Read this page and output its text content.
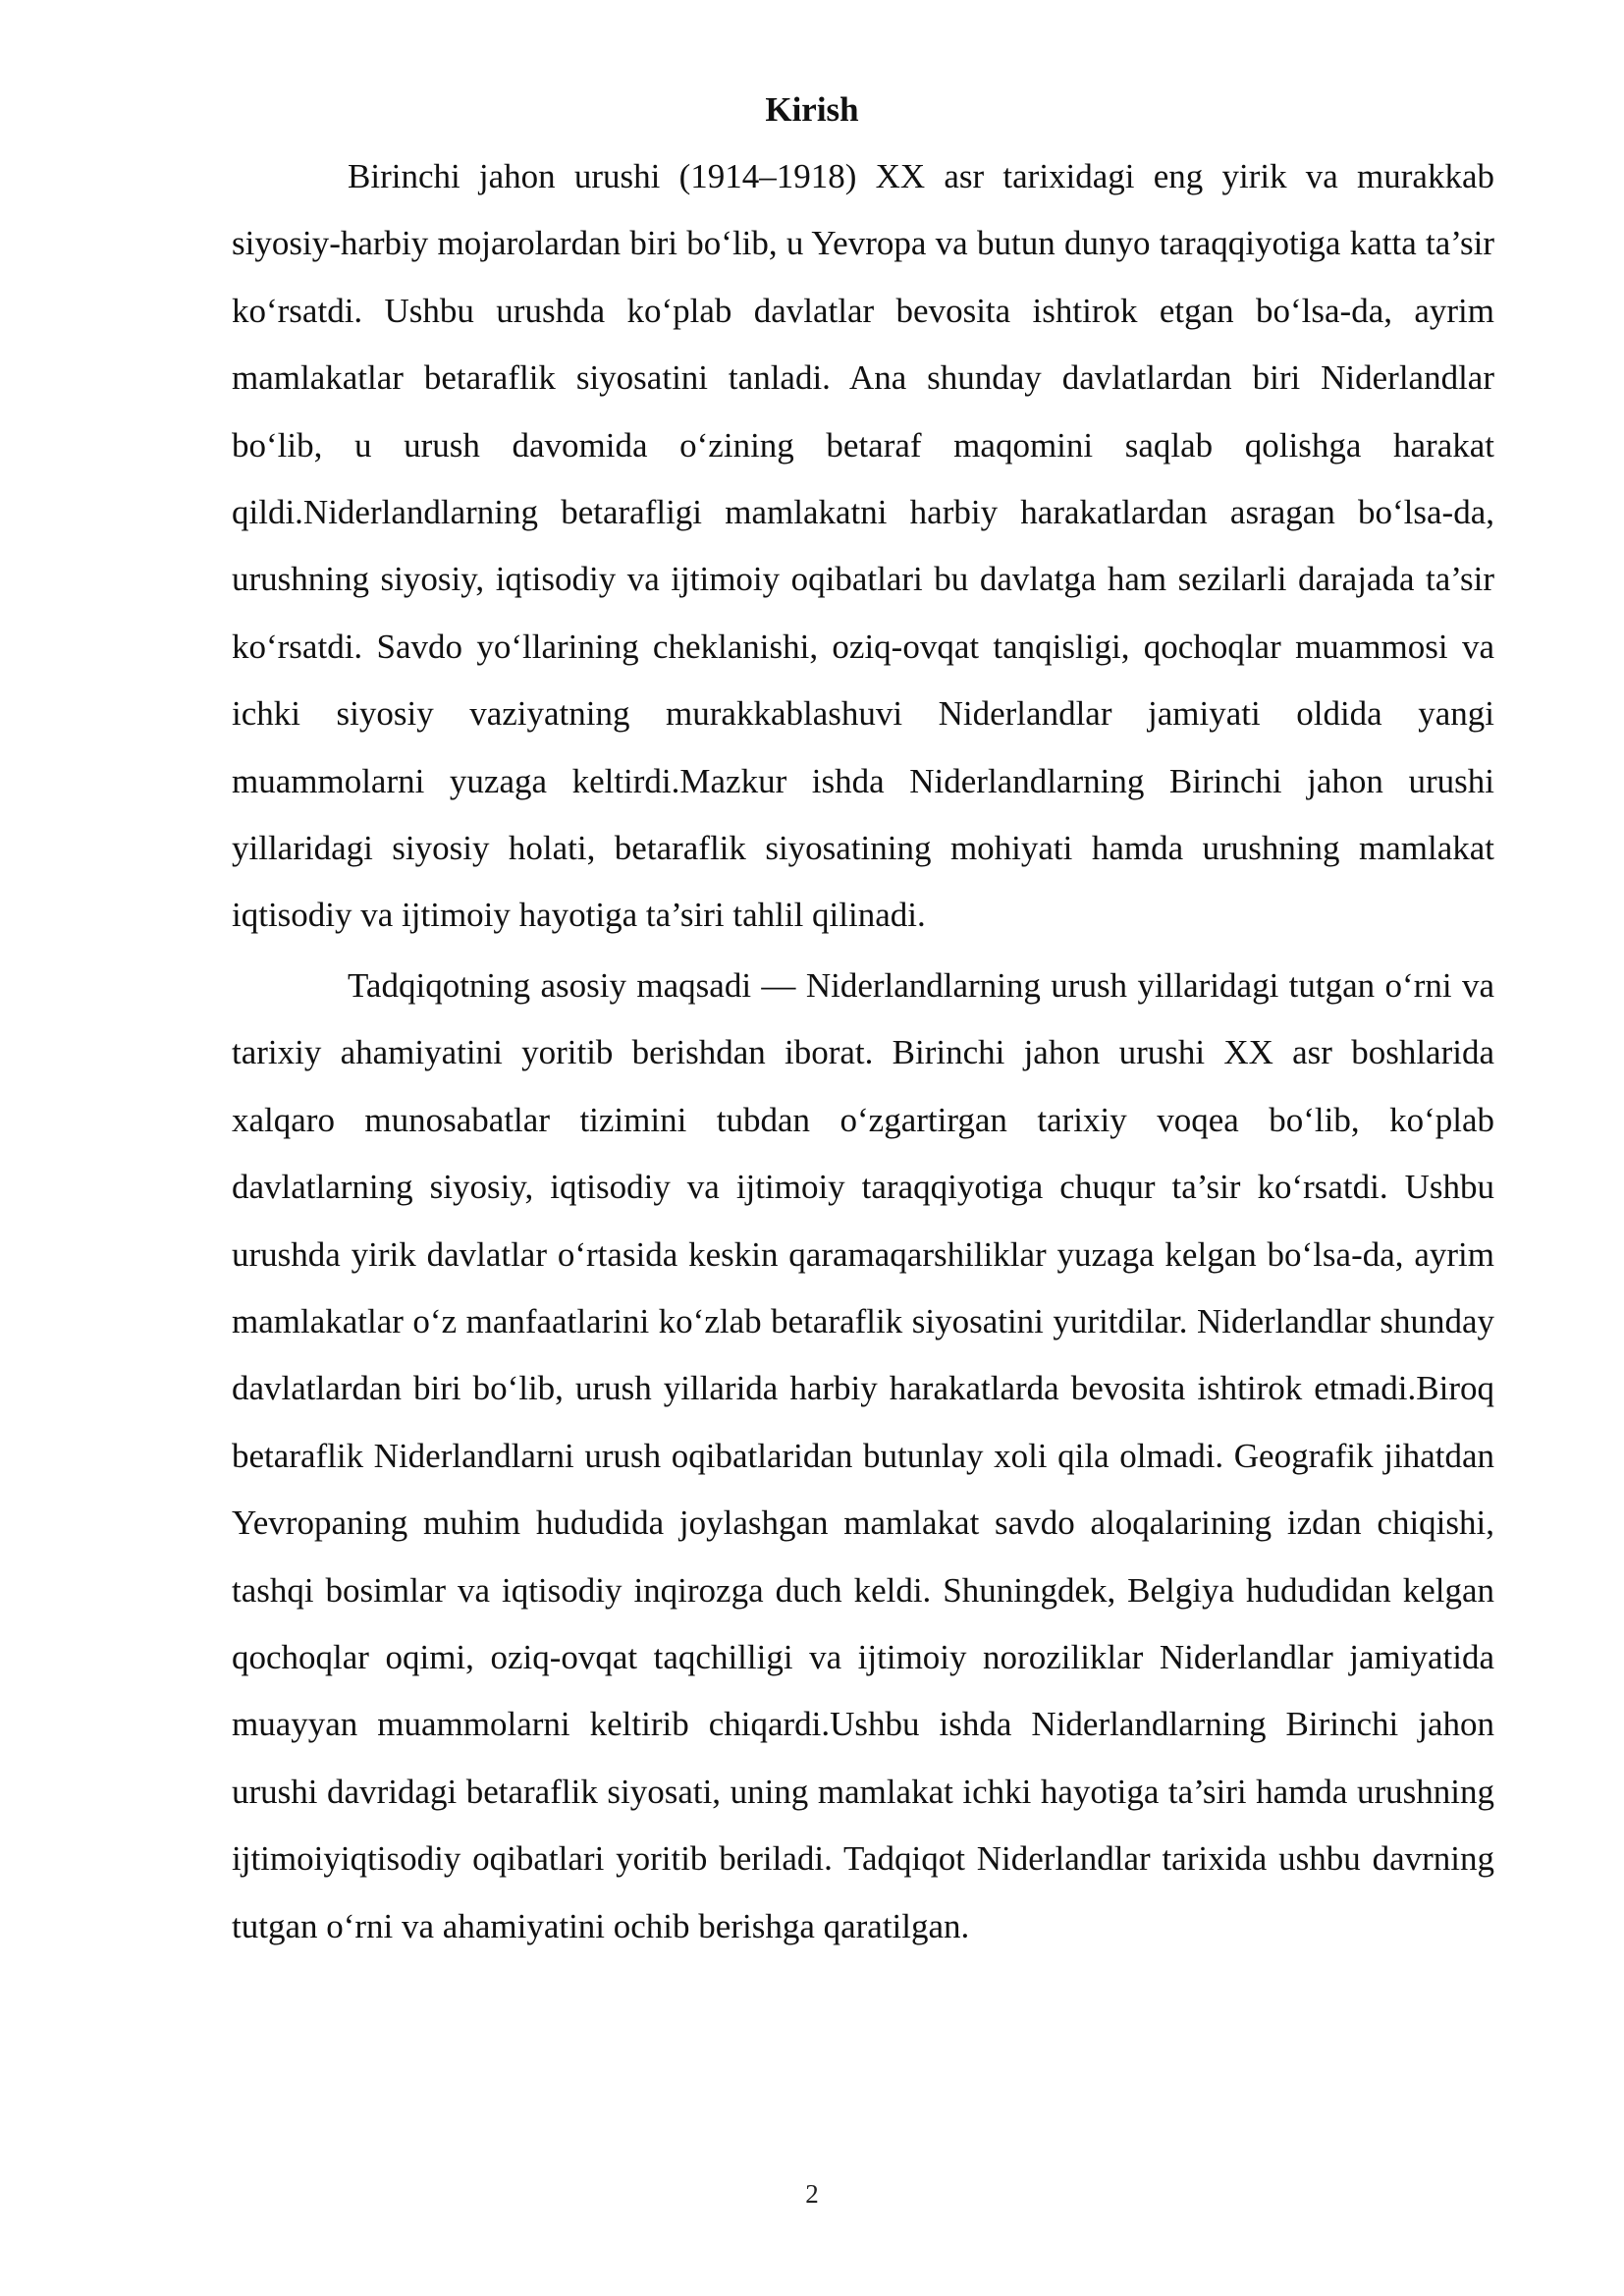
Kirish

Birinchi jahon urushi (1914–1918) XX asr tarixidagi eng yirik va murakkab siyosiy-harbiy mojarolardan biri bo‘lib, u Yevropa va butun dunyo taraqqiyotiga katta ta’sir ko‘rsatdi. Ushbu urushda ko‘plab davlatlar bevosita ishtirok etgan bo‘lsa-da, ayrim mamlakatlar betaraflik siyosatini tanladi. Ana shunday davlatlardan biri Niderlandlar bo‘lib, u urush davomida o‘zining betaraf maqomini saqlab qolishga harakat qildi.Niderlandlarning betarafligi mamlakatni harbiy harakatlardan asragan bo‘lsa-da, urushning siyosiy, iqtisodiy va ijtimoiy oqibatlari bu davlatga ham sezilarli darajada ta’sir ko‘rsatdi. Savdo yo‘llarining cheklanishi, oziq-ovqat tanqisligi, qochoqlar muammosi va ichki siyosiy vaziyatning murakkablashuvi Niderlandlar jamiyati oldida yangi muammolarni yuzaga keltirdi.Mazkur ishda Niderlandlarning Birinchi jahon urushi yillaridagi siyosiy holati, betaraflik siyosatining mohiyati hamda urushning mamlakat iqtisodiy va ijtimoiy hayotiga ta’siri tahlil qilinadi.

Tadqiqotning asosiy maqsadi — Niderlandlarning urush yillaridagi tutgan o‘rni va tarixiy ahamiyatini yoritib berishdan iborat. Birinchi jahon urushi XX asr boshlarida xalqaro munosabatlar tizimini tubdan o‘zgartirgan tarixiy voqea bo‘lib, ko‘plab davlatlarning siyosiy, iqtisodiy va ijtimoiy taraqqiyotiga chuqur ta’sir ko‘rsatdi. Ushbu urushda yirik davlatlar o‘rtasida keskin qaramaqarshiliklar yuzaga kelgan bo‘lsa-da, ayrim mamlakatlar o‘z manfaatlarini ko‘zlab betaraflik siyosatini yuritdilar. Niderlandlar shunday davlatlardan biri bo‘lib, urush yillarida harbiy harakatlarda bevosita ishtirok etmadi.Biroq betaraflik Niderlandlarni urush oqibatlaridan butunlay xoli qila olmadi. Geografik jihatdan Yevropaning muhim hududida joylashgan mamlakat savdo aloqalarining izdan chiqishi, tashqi bosimlar va iqtisodiy inqirozga duch keldi. Shuningdek, Belgiya hududidan kelgan qochoqlar oqimi, oziq-ovqat taqchilligi va ijtimoiy noroziliklar Niderlandlar jamiyatida muayyan muammolarni keltirib chiqardi.Ushbu ishda Niderlandlarning Birinchi jahon urushi davridagi betaraflik siyosati, uning mamlakat ichki hayotiga ta’siri hamda urushning ijtimoiyiqtisodiy oqibatlari yoritib beriladi. Tadqiqot Niderlandlar tarixida ushbu davrning tutgan o‘rni va ahamiyatini ochib berishga qaratilgan.

2
